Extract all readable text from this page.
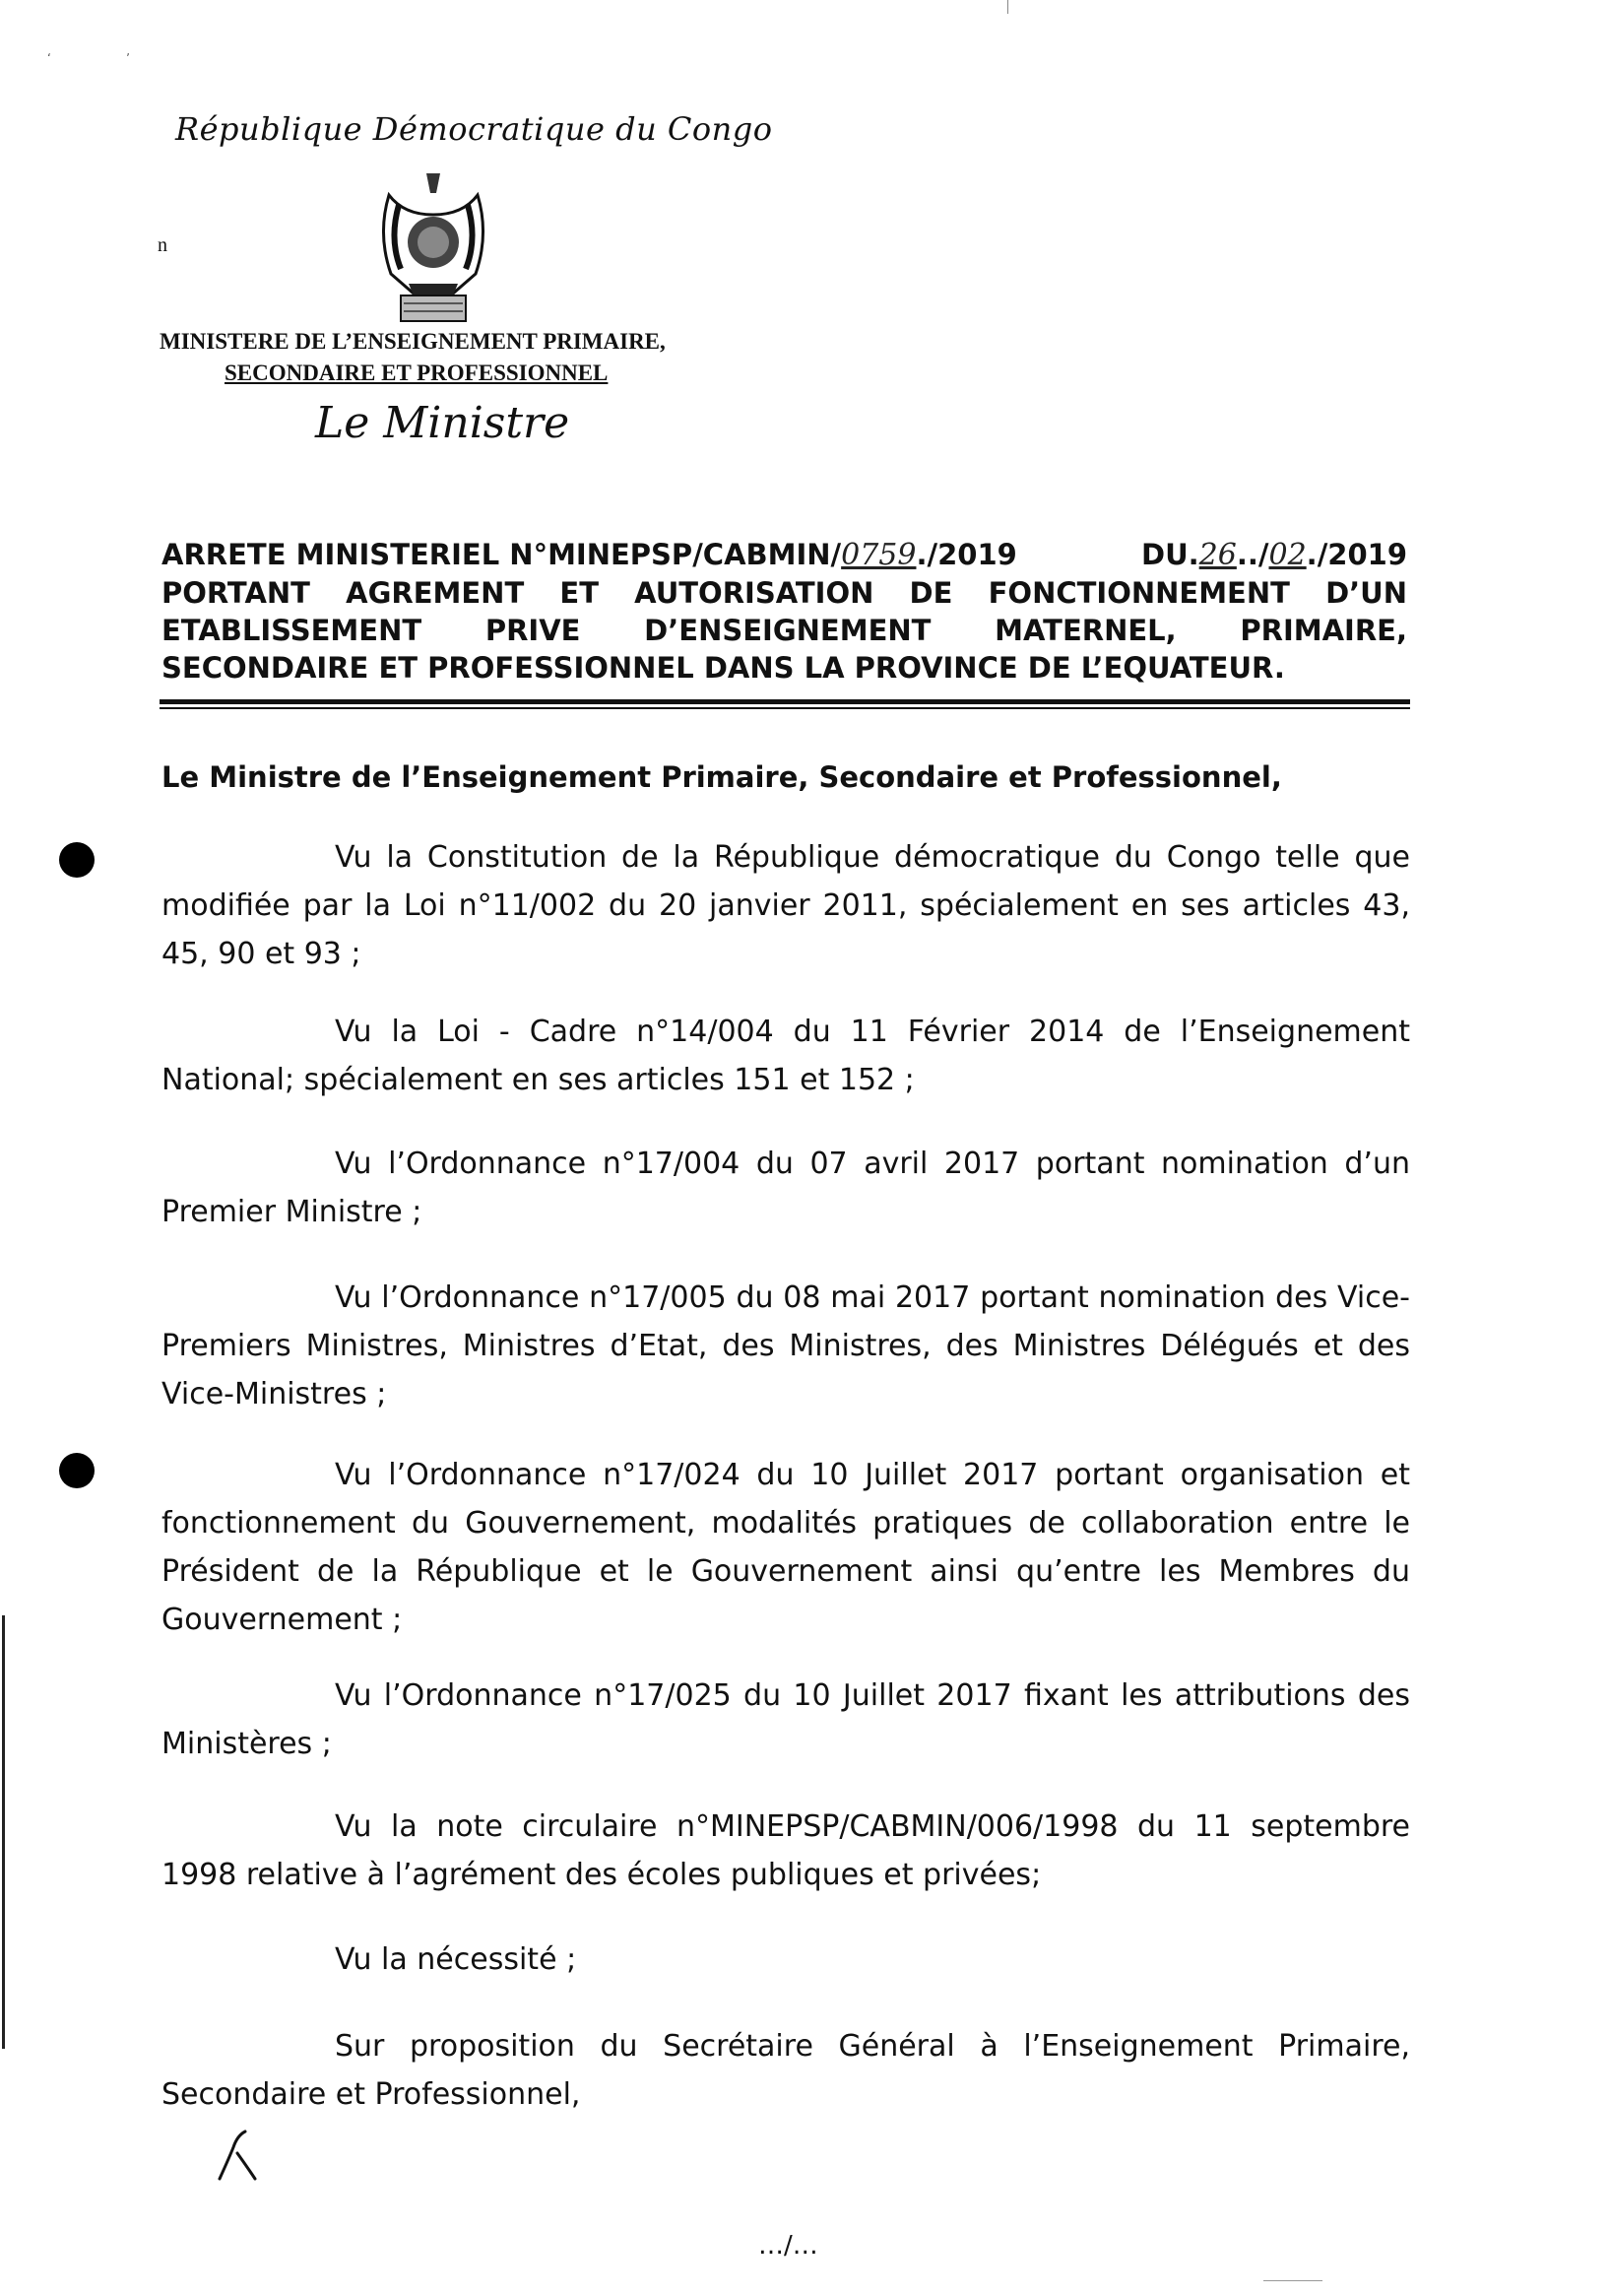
ʻ                    ʼ
République Démocratique du Congo
n
MINISTERE DE L’ENSEIGNEMENT PRIMAIRE,
SECONDAIRE ET PROFESSIONNEL
Le Ministre
ARRETE MINISTERIEL N°MINEPSP/CABMIN/0759./2019	DU.26../02./2019
PORTANT AGREMENT ET AUTORISATION DE FONCTIONNEMENT D’UN ETABLISSEMENT PRIVE D’ENSEIGNEMENT MATERNEL, PRIMAIRE, SECONDAIRE ET PROFESSIONNEL DANS LA PROVINCE DE L’EQUATEUR.
Le Ministre de l’Enseignement Primaire, Secondaire et Professionnel,
Vu la Constitution de la République démocratique du Congo telle que modifiée par la Loi n°11/002 du 20 janvier 2011, spécialement en ses articles 43, 45, 90 et 93 ;
Vu la Loi - Cadre n°14/004 du 11 Février 2014 de l’Enseignement National; spécialement en ses articles 151 et 152 ;
Vu l’Ordonnance n°17/004 du 07 avril 2017 portant nomination d’un Premier Ministre ;
Vu l’Ordonnance n°17/005 du 08 mai 2017 portant nomination des Vice-Premiers Ministres, Ministres d’Etat, des Ministres, des Ministres Délégués et des Vice-Ministres ;
Vu l’Ordonnance n°17/024 du 10 Juillet 2017 portant organisation et fonctionnement du Gouvernement, modalités pratiques de collaboration entre le Président de la République et le Gouvernement ainsi qu’entre les Membres du Gouvernement ;
Vu l’Ordonnance n°17/025 du 10 Juillet 2017 fixant les attributions des Ministères ;
Vu la note circulaire n°MINEPSP/CABMIN/006/1998 du 11 septembre 1998 relative à l’agrément des écoles publiques et privées;
Vu la nécessité ;
Sur proposition du Secrétaire Général à l’Enseignement Primaire, Secondaire et Professionnel,
…/…
